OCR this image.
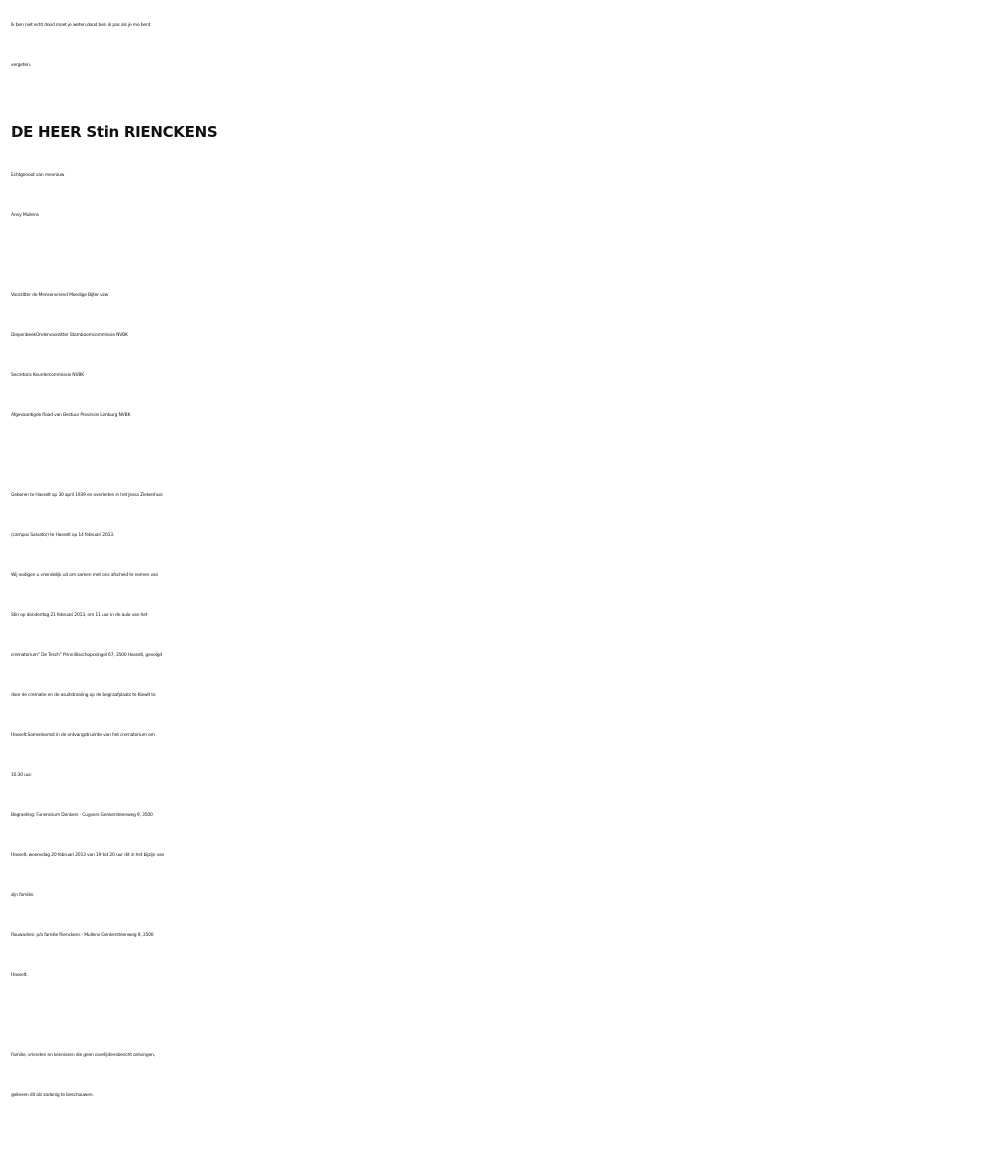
Ik ben niet echt dood moet je weten,dood ben ik pas als je me bent
vergeten.
DE HEER Stin RIENCKENS
Echtgenoot van mevrouw
Anny Mullens
Voorzitter de Mensenvriend Moedige Bijter vzw
DiepenbeekOndervoorzitter Stamboomcommissie NVBK
Secretaris Keurdercommissie NVBK
Afgevaardigde Raad van Bestuur Provincie Limburg NVBK
Geboren te Hasselt op 30 april 1939 en overleden in het Jessa Ziekenhuis
(campus Salvator) te Hasselt op 14 februari 2013.
Wij nodigen u vriendelijk uit om samen met ons afscheid te nemen van
Stin op donderdag 21 februari 2013, om 11 uur in de aula van het
crematorium“ De Tesch” Prins-Bisschopssingel 67, 3500 Hasselt, gevolgd
door de crematie en de asuitstrooiing op de begraafplaats te Kiewit te
Hasselt.Samenkomst in de ontvangstruimte van het crematorium om
10.30 uur.
Begroeting: Funerarium Donkers - Cuypers Genkersteenweg 9, 3500
Hasselt, woensdag 20 februari 2013 van 19 tot 20 uur dit in het bijzijn van
zijn familie.
Rouwadres: p/a familie Rienckens - Mullens Genkersteenweg 9, 3500
Hasselt.
Familie, vrienden en kennissen die geen overlijdensbericht ontvingen,
gelieven dit als zodanig te beschouwen.
